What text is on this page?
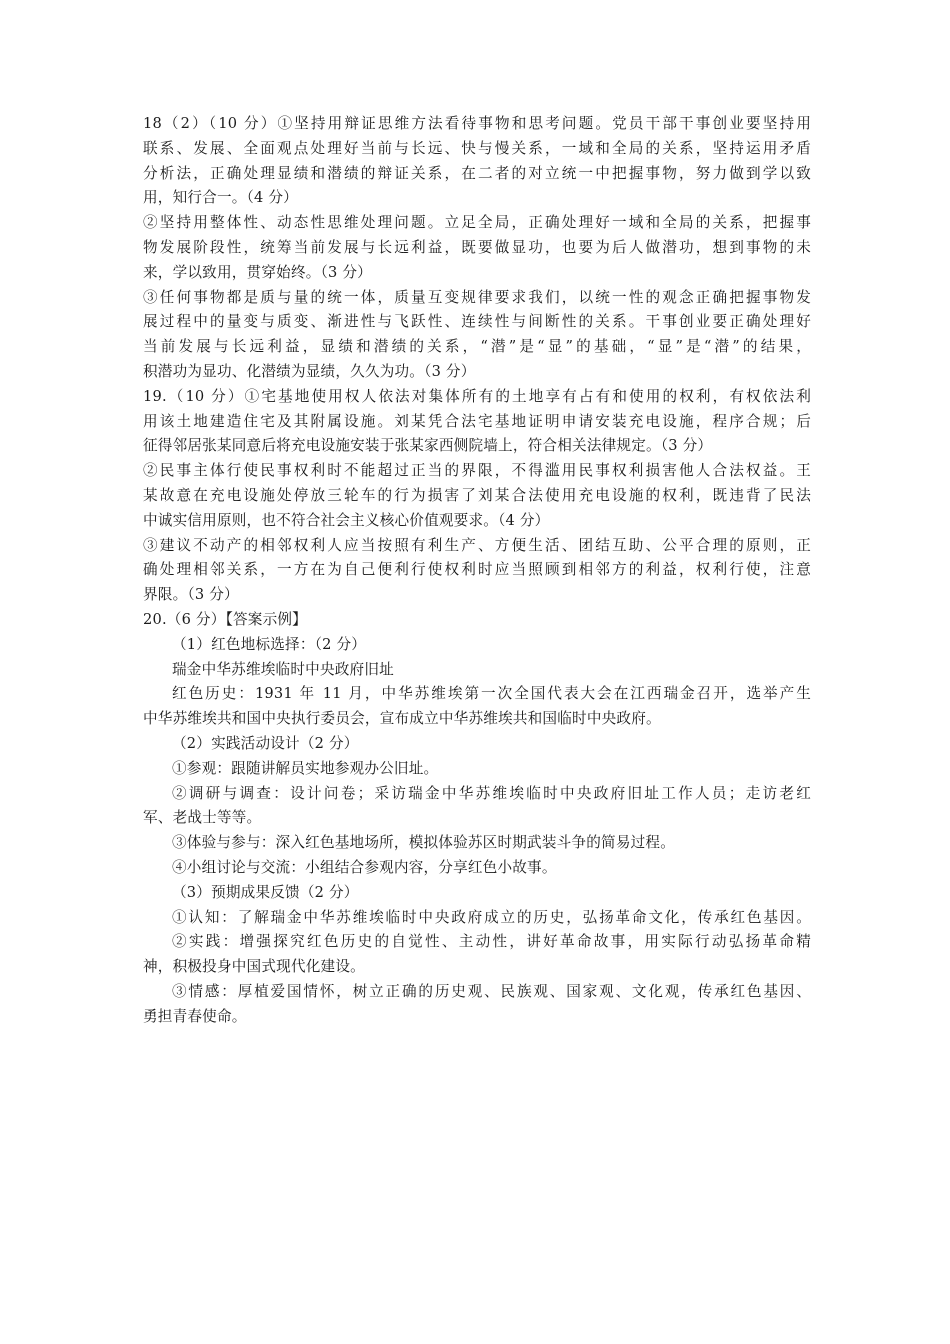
18（2）（10 分）①坚持用辩证思维方法看待事物和思考问题。党员干部干事创业要坚持用
联系、发展、全面观点处理好当前与长远、快与慢关系，一域和全局的关系，坚持运用矛盾
分析法，正确处理显绩和潜绩的辩证关系，在二者的对立统一中把握事物，努力做到学以致
用，知行合一。（4 分）
②坚持用整体性、动态性思维处理问题。立足全局，正确处理好一域和全局的关系，把握事
物发展阶段性，统筹当前发展与长远利益，既要做显功，也要为后人做潜功，想到事物的未
来，学以致用，贯穿始终。（3 分）
③任何事物都是质与量的统一体，质量互变规律要求我们，以统一性的观念正确把握事物发
展过程中的量变与质变、渐进性与飞跃性、连续性与间断性的关系。干事创业要正确处理好
当前发展与长远利益，显绩和潜绩的关系，“潜”是“显”的基础，“显”是“潜”的结果，
积潜功为显功、化潜绩为显绩，久久为功。（3 分）
19.（10 分）①宅基地使用权人依法对集体所有的土地享有占有和使用的权利，有权依法利
用该土地建造住宅及其附属设施。刘某凭合法宅基地证明申请安装充电设施，程序合规；后
征得邻居张某同意后将充电设施安装于张某家西侧院墙上，符合相关法律规定。（3 分）
②民事主体行使民事权利时不能超过正当的界限，不得滥用民事权利损害他人合法权益。王
某故意在充电设施处停放三轮车的行为损害了刘某合法使用充电设施的权利，既违背了民法
中诚实信用原则，也不符合社会主义核心价值观要求。（4 分）
③建议不动产的相邻权利人应当按照有利生产、方便生活、团结互助、公平合理的原则，正
确处理相邻关系，一方在为自己便利行使权利时应当照顾到相邻方的利益，权利行使，注意
界限。（3 分）
20.（6 分）【答案示例】
（1）红色地标选择：（2 分）
瑞金中华苏维埃临时中央政府旧址
红色历史：1931 年 11 月，中华苏维埃第一次全国代表大会在江西瑞金召开，选举产生
中华苏维埃共和国中央执行委员会，宣布成立中华苏维埃共和国临时中央政府。
（2）实践活动设计（2 分）
①参观：跟随讲解员实地参观办公旧址。
②调研与调查：设计问卷；采访瑞金中华苏维埃临时中央政府旧址工作人员；走访老红
军、老战士等等。
③体验与参与：深入红色基地场所，模拟体验苏区时期武装斗争的简易过程。
④小组讨论与交流：小组结合参观内容，分享红色小故事。
（3）预期成果反馈（2 分）
①认知：了解瑞金中华苏维埃临时中央政府成立的历史，弘扬革命文化，传承红色基因。
②实践：增强探究红色历史的自觉性、主动性，讲好革命故事，用实际行动弘扬革命精
神，积极投身中国式现代化建设。
③情感：厚植爱国情怀，树立正确的历史观、民族观、国家观、文化观，传承红色基因、
勇担青春使命。
